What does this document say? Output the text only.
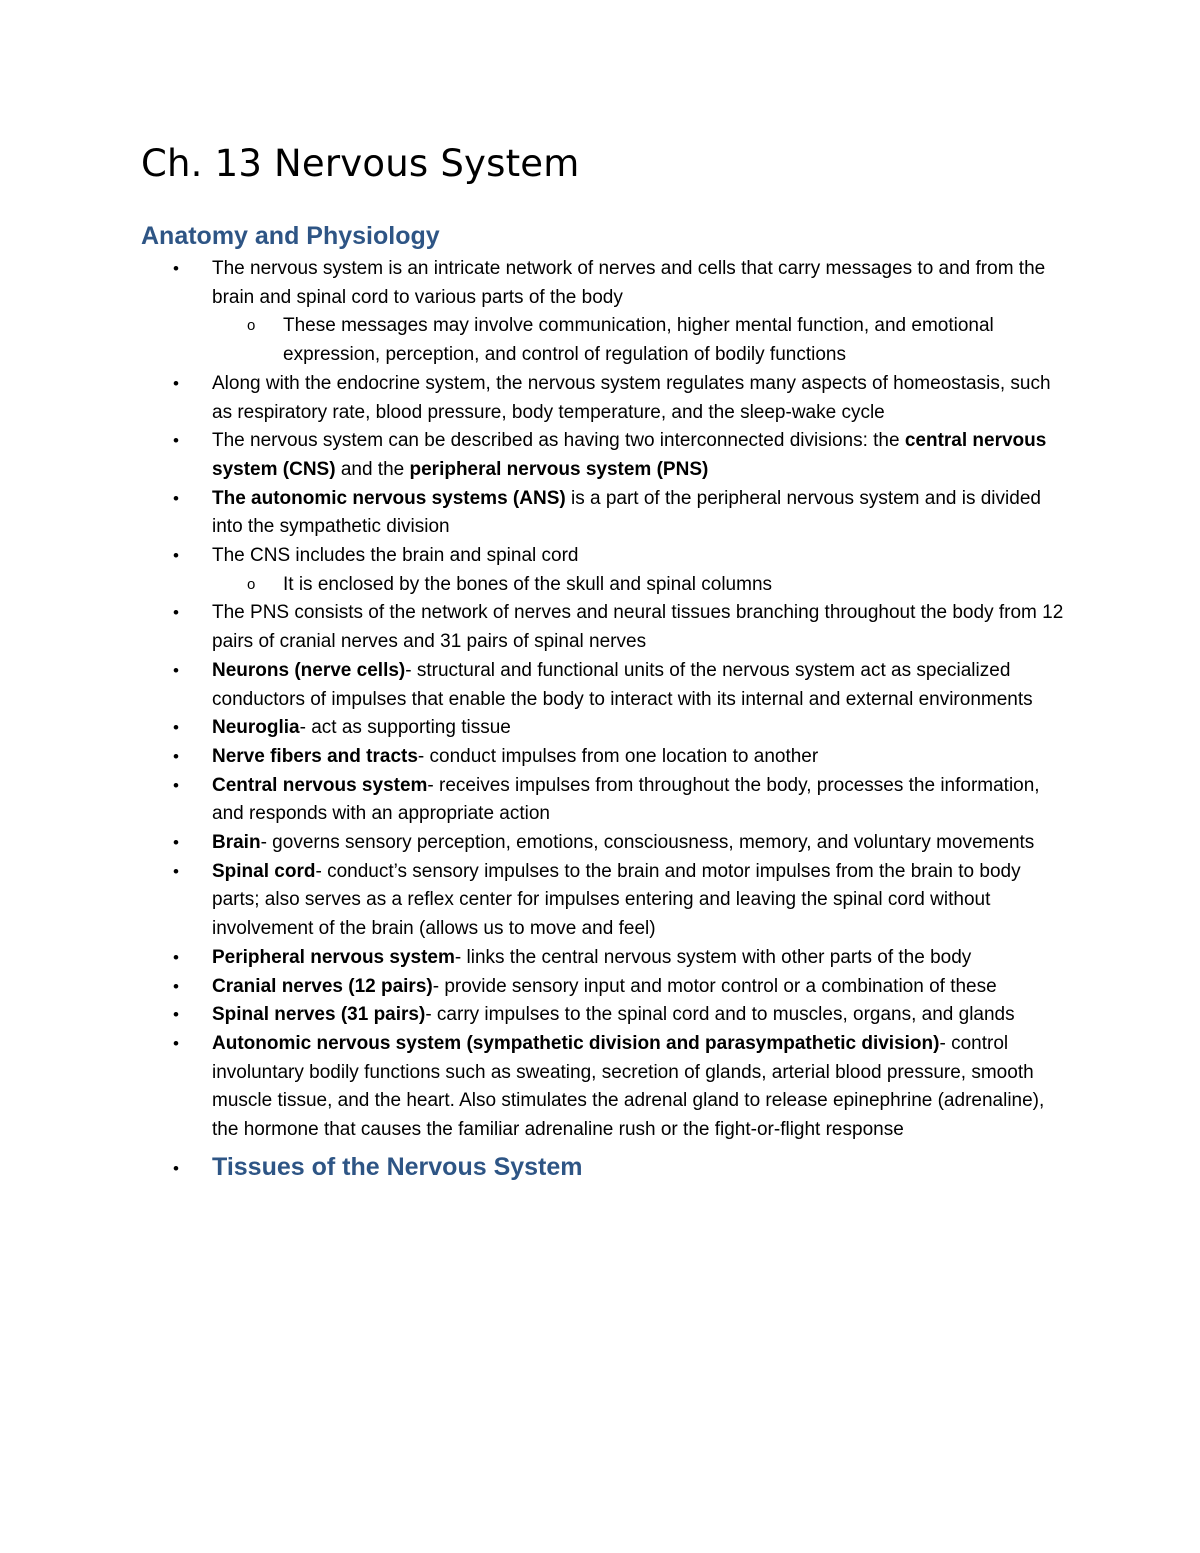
Ch. 13 Nervous System
Anatomy and Physiology
• The nervous system is an intricate network of nerves and cells that carry messages to and from the brain and spinal cord to various parts of the body
o These messages may involve communication, higher mental function, and emotional expression, perception, and control of regulation of bodily functions
• Along with the endocrine system, the nervous system regulates many aspects of homeostasis, such as respiratory rate, blood pressure, body temperature, and the sleep-wake cycle
• The nervous system can be described as having two interconnected divisions: the central nervous system (CNS) and the peripheral nervous system (PNS)
• The autonomic nervous systems (ANS) is a part of the peripheral nervous system and is divided into the sympathetic division
• The CNS includes the brain and spinal cord
o It is enclosed by the bones of the skull and spinal columns
• The PNS consists of the network of nerves and neural tissues branching throughout the body from 12 pairs of cranial nerves and 31 pairs of spinal nerves
• Neurons (nerve cells)- structural and functional units of the nervous system act as specialized conductors of impulses that enable the body to interact with its internal and external environments
• Neuroglia- act as supporting tissue
• Nerve fibers and tracts- conduct impulses from one location to another
• Central nervous system- receives impulses from throughout the body, processes the information, and responds with an appropriate action
• Brain- governs sensory perception, emotions, consciousness, memory, and voluntary movements
• Spinal cord- conduct’s sensory impulses to the brain and motor impulses from the brain to body parts; also serves as a reflex center for impulses entering and leaving the spinal cord without involvement of the brain (allows us to move and feel)
• Peripheral nervous system- links the central nervous system with other parts of the body
• Cranial nerves (12 pairs)- provide sensory input and motor control or a combination of these
• Spinal nerves (31 pairs)- carry impulses to the spinal cord and to muscles, organs, and glands
• Autonomic nervous system (sympathetic division and parasympathetic division)- control involuntary bodily functions such as sweating, secretion of glands, arterial blood pressure, smooth muscle tissue, and the heart. Also stimulates the adrenal gland to release epinephrine (adrenaline), the hormone that causes the familiar adrenaline rush or the fight-or-flight response
• Tissues of the Nervous System
